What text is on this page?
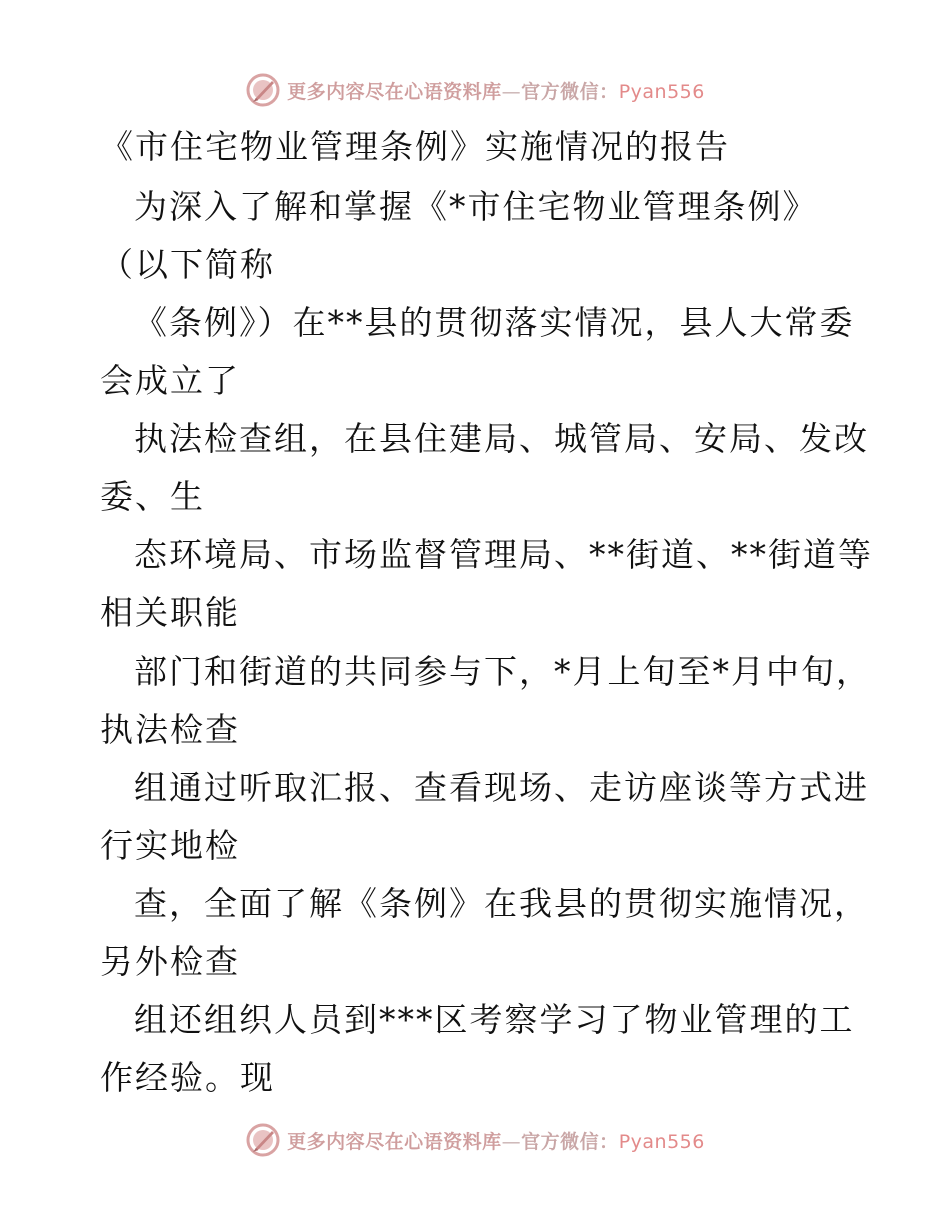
更多内容尽在心语资料库—官方微信：Pyan556
《市住宅物业管理条例》实施情况的报告
为深入了解和掌握《*市住宅物业管理条例》
（以下简称
《条例》）在**县的贯彻落实情况，县人大常委
会成立了
执法检查组，在县住建局、城管局、安局、发改
委、生
态环境局、市场监督管理局、**街道、**街道等
相关职能
部门和街道的共同参与下，*月上旬至*月中旬，
执法检查
组通过听取汇报、查看现场、走访座谈等方式进
行实地检
查，全面了解《条例》在我县的贯彻实施情况，
另外检查
组还组织人员到***区考察学习了物业管理的工
作经验。现
更多内容尽在心语资料库—官方微信：Pyan556
